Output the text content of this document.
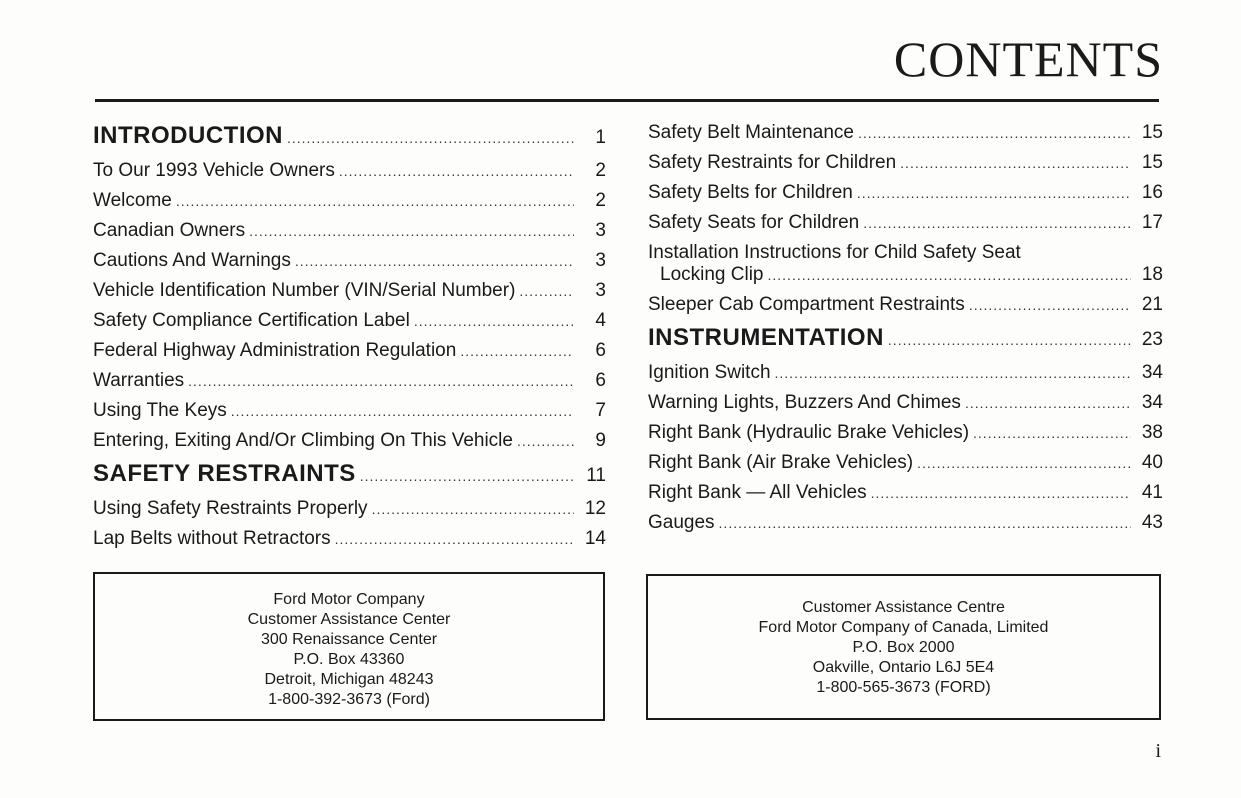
CONTENTS
INTRODUCTION .....	1
To Our 1993 Vehicle Owners .....	2
Welcome .....	2
Canadian Owners .....	3
Cautions And Warnings .....	3
Vehicle Identification Number (VIN/Serial Number) .....	3
Safety Compliance Certification Label .....	4
Federal Highway Administration Regulation .....	6
Warranties .....	6
Using The Keys .....	7
Entering, Exiting And/Or Climbing On This Vehicle .....	9
SAFETY RESTRAINTS .....	11
Using Safety Restraints Properly .....	12
Lap Belts without Retractors .....	14
Safety Belt Maintenance .....	15
Safety Restraints for Children .....	15
Safety Belts for Children .....	16
Safety Seats for Children .....	17
Installation Instructions for Child Safety Seat
Locking Clip .....	18
Sleeper Cab Compartment Restraints .....	21
INSTRUMENTATION .....	23
Ignition Switch .....	34
Warning Lights, Buzzers And Chimes .....	34
Right Bank (Hydraulic Brake Vehicles) .....	38
Right Bank (Air Brake Vehicles) .....	40
Right Bank — All Vehicles .....	41
Gauges .....	43
Ford Motor Company
Customer Assistance Center
300 Renaissance Center
P.O. Box 43360
Detroit, Michigan 48243
1-800-392-3673 (Ford)
Customer Assistance Centre
Ford Motor Company of Canada, Limited
P.O. Box 2000
Oakville, Ontario L6J 5E4
1-800-565-3673 (FORD)
i
